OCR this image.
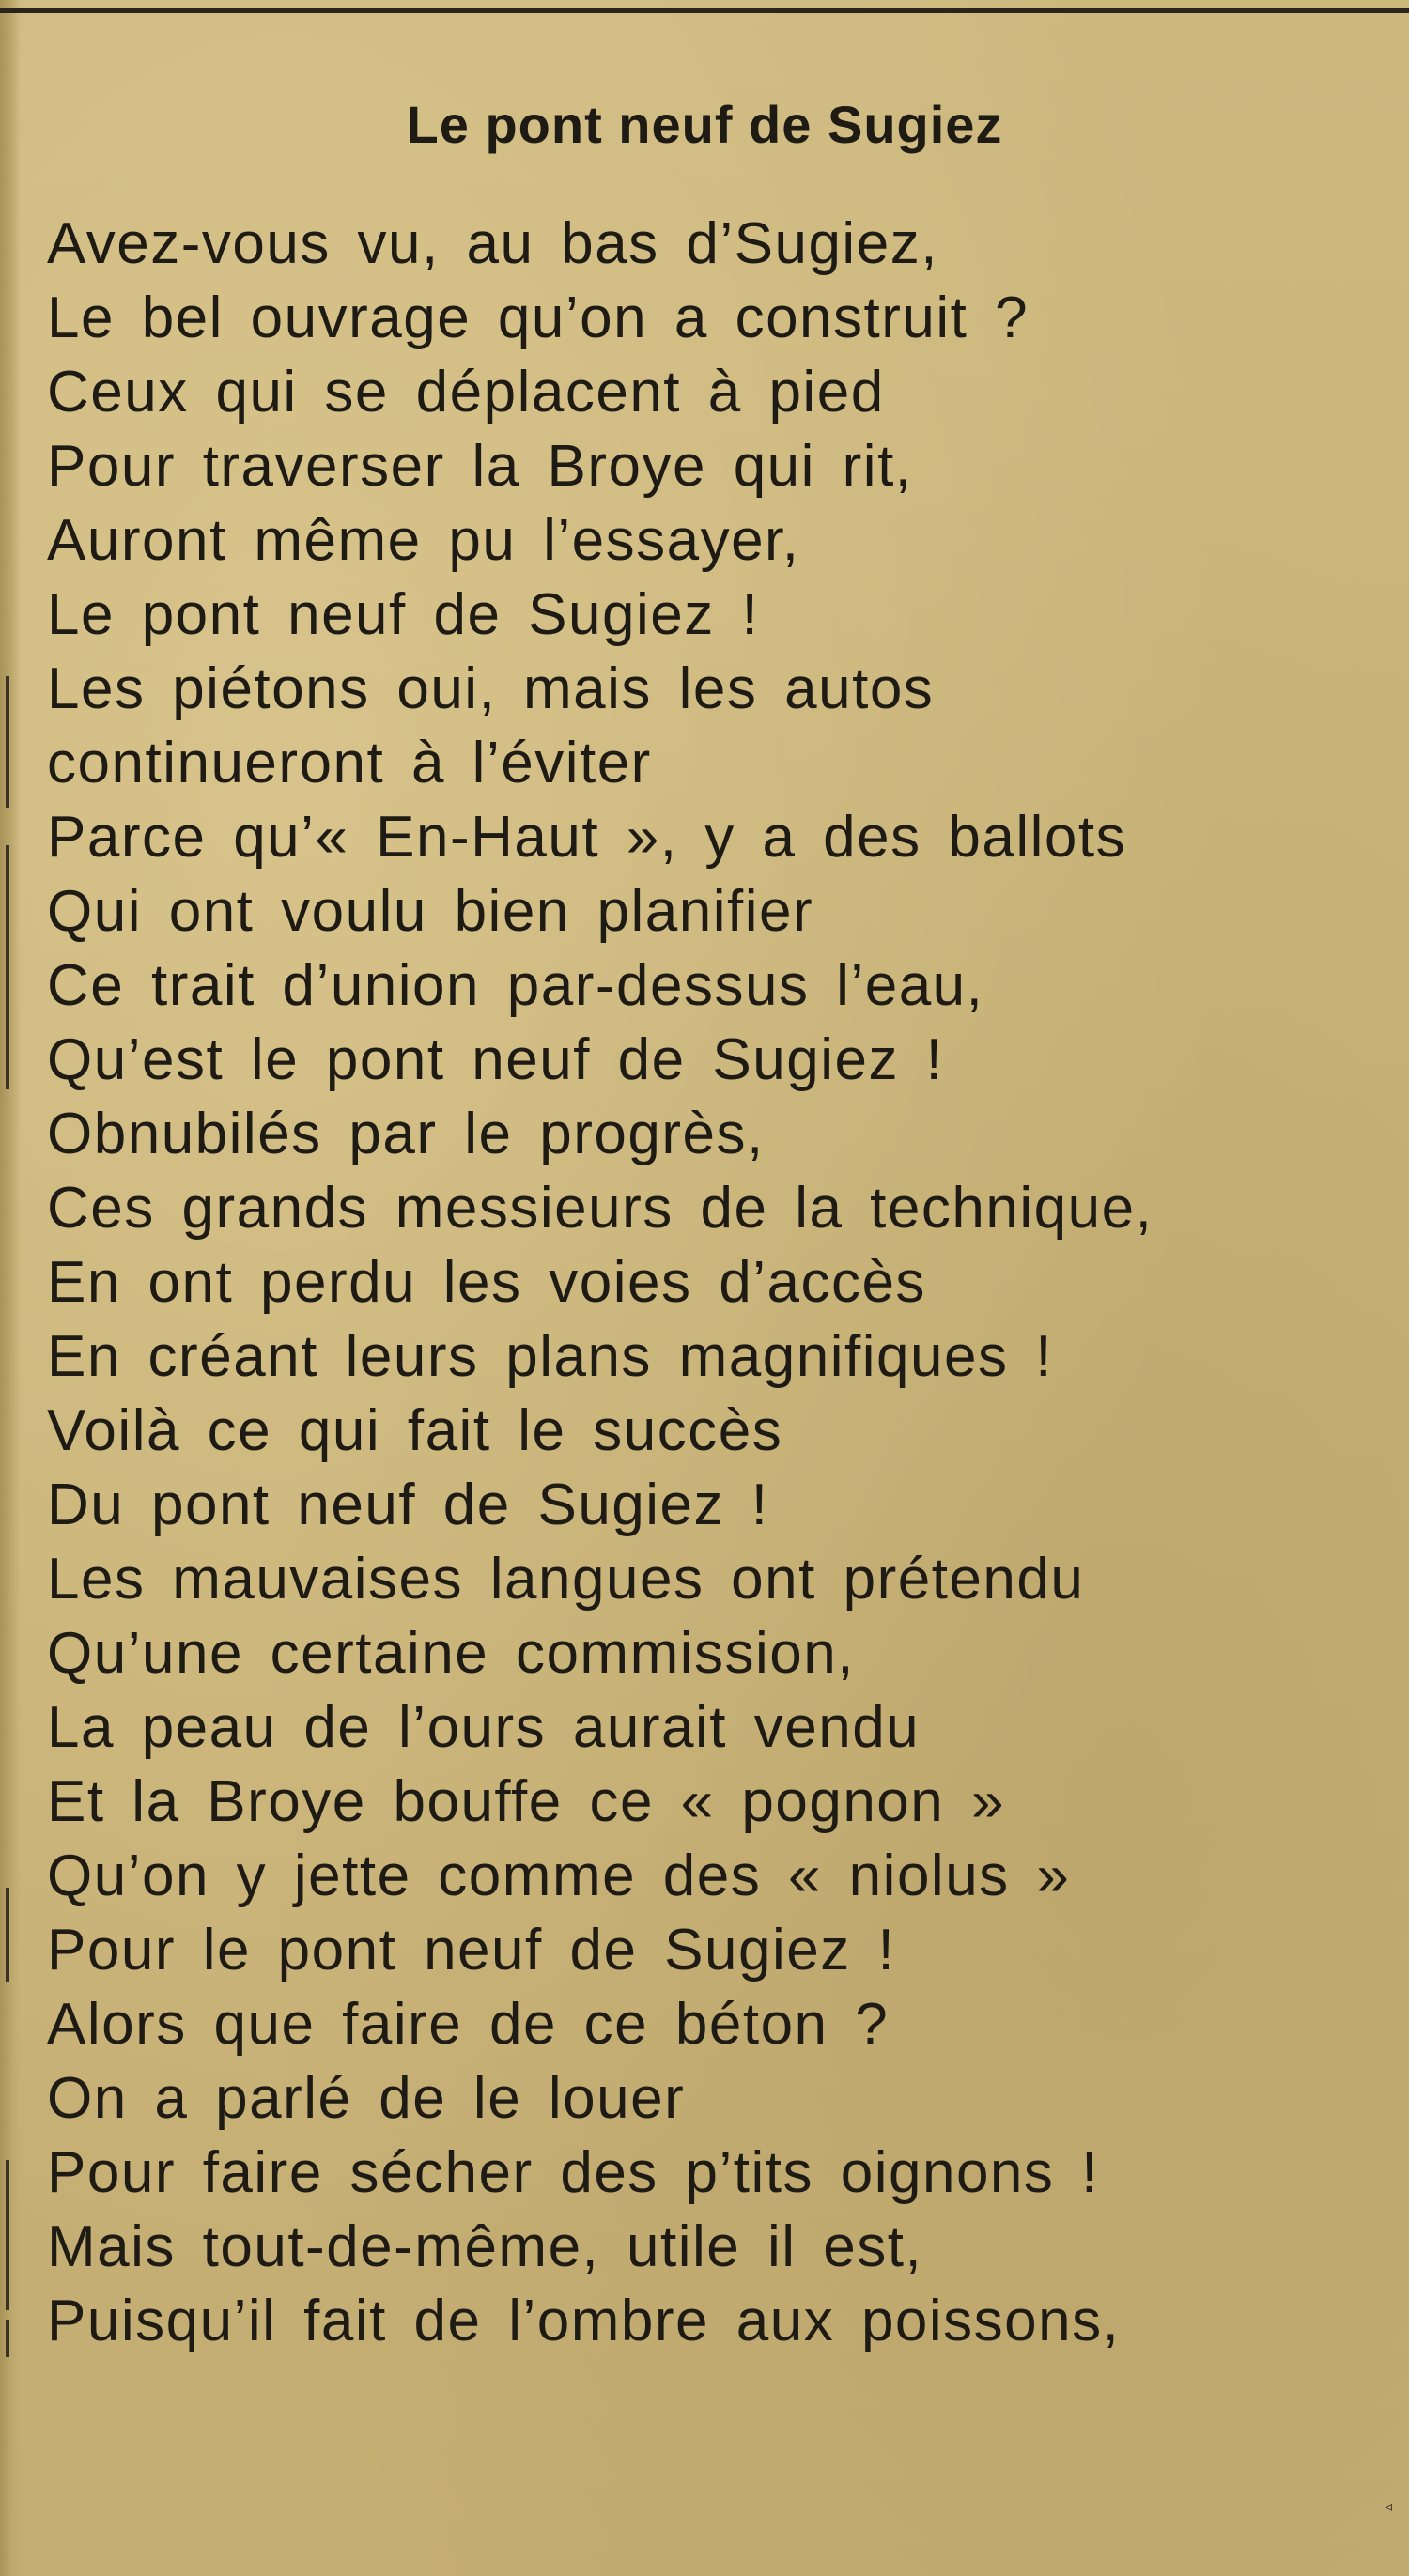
Le pont neuf de Sugiez
Avez-vous vu, au bas d’Sugiez,
Le bel ouvrage qu’on a construit ?
Ceux qui se déplacent à pied
Pour traverser la Broye qui rit,
Auront même pu l’essayer,
Le pont neuf de Sugiez !
Les piétons oui, mais les autos
continueront à l’éviter
Parce qu’« En-Haut », y a des ballots
Qui ont voulu bien planifier
Ce trait d’union par-dessus l’eau,
Qu’est le pont neuf de Sugiez !
Obnubilés par le progrès,
Ces grands messieurs de la technique,
En ont perdu les voies d’accès
En créant leurs plans magnifiques !
Voilà ce qui fait le succès
Du pont neuf de Sugiez !
Les mauvaises langues ont prétendu
Qu’une certaine commission,
La peau de l’ours aurait vendu
Et la Broye bouffe ce « pognon »
Qu’on y jette comme des « niolus »
Pour le pont neuf de Sugiez !
Alors que faire de ce béton ?
On a parlé de le louer
Pour faire sécher des p’tits oignons !
Mais tout-de-même, utile il est,
Puisqu’il fait de l’ombre aux poissons,
◃
